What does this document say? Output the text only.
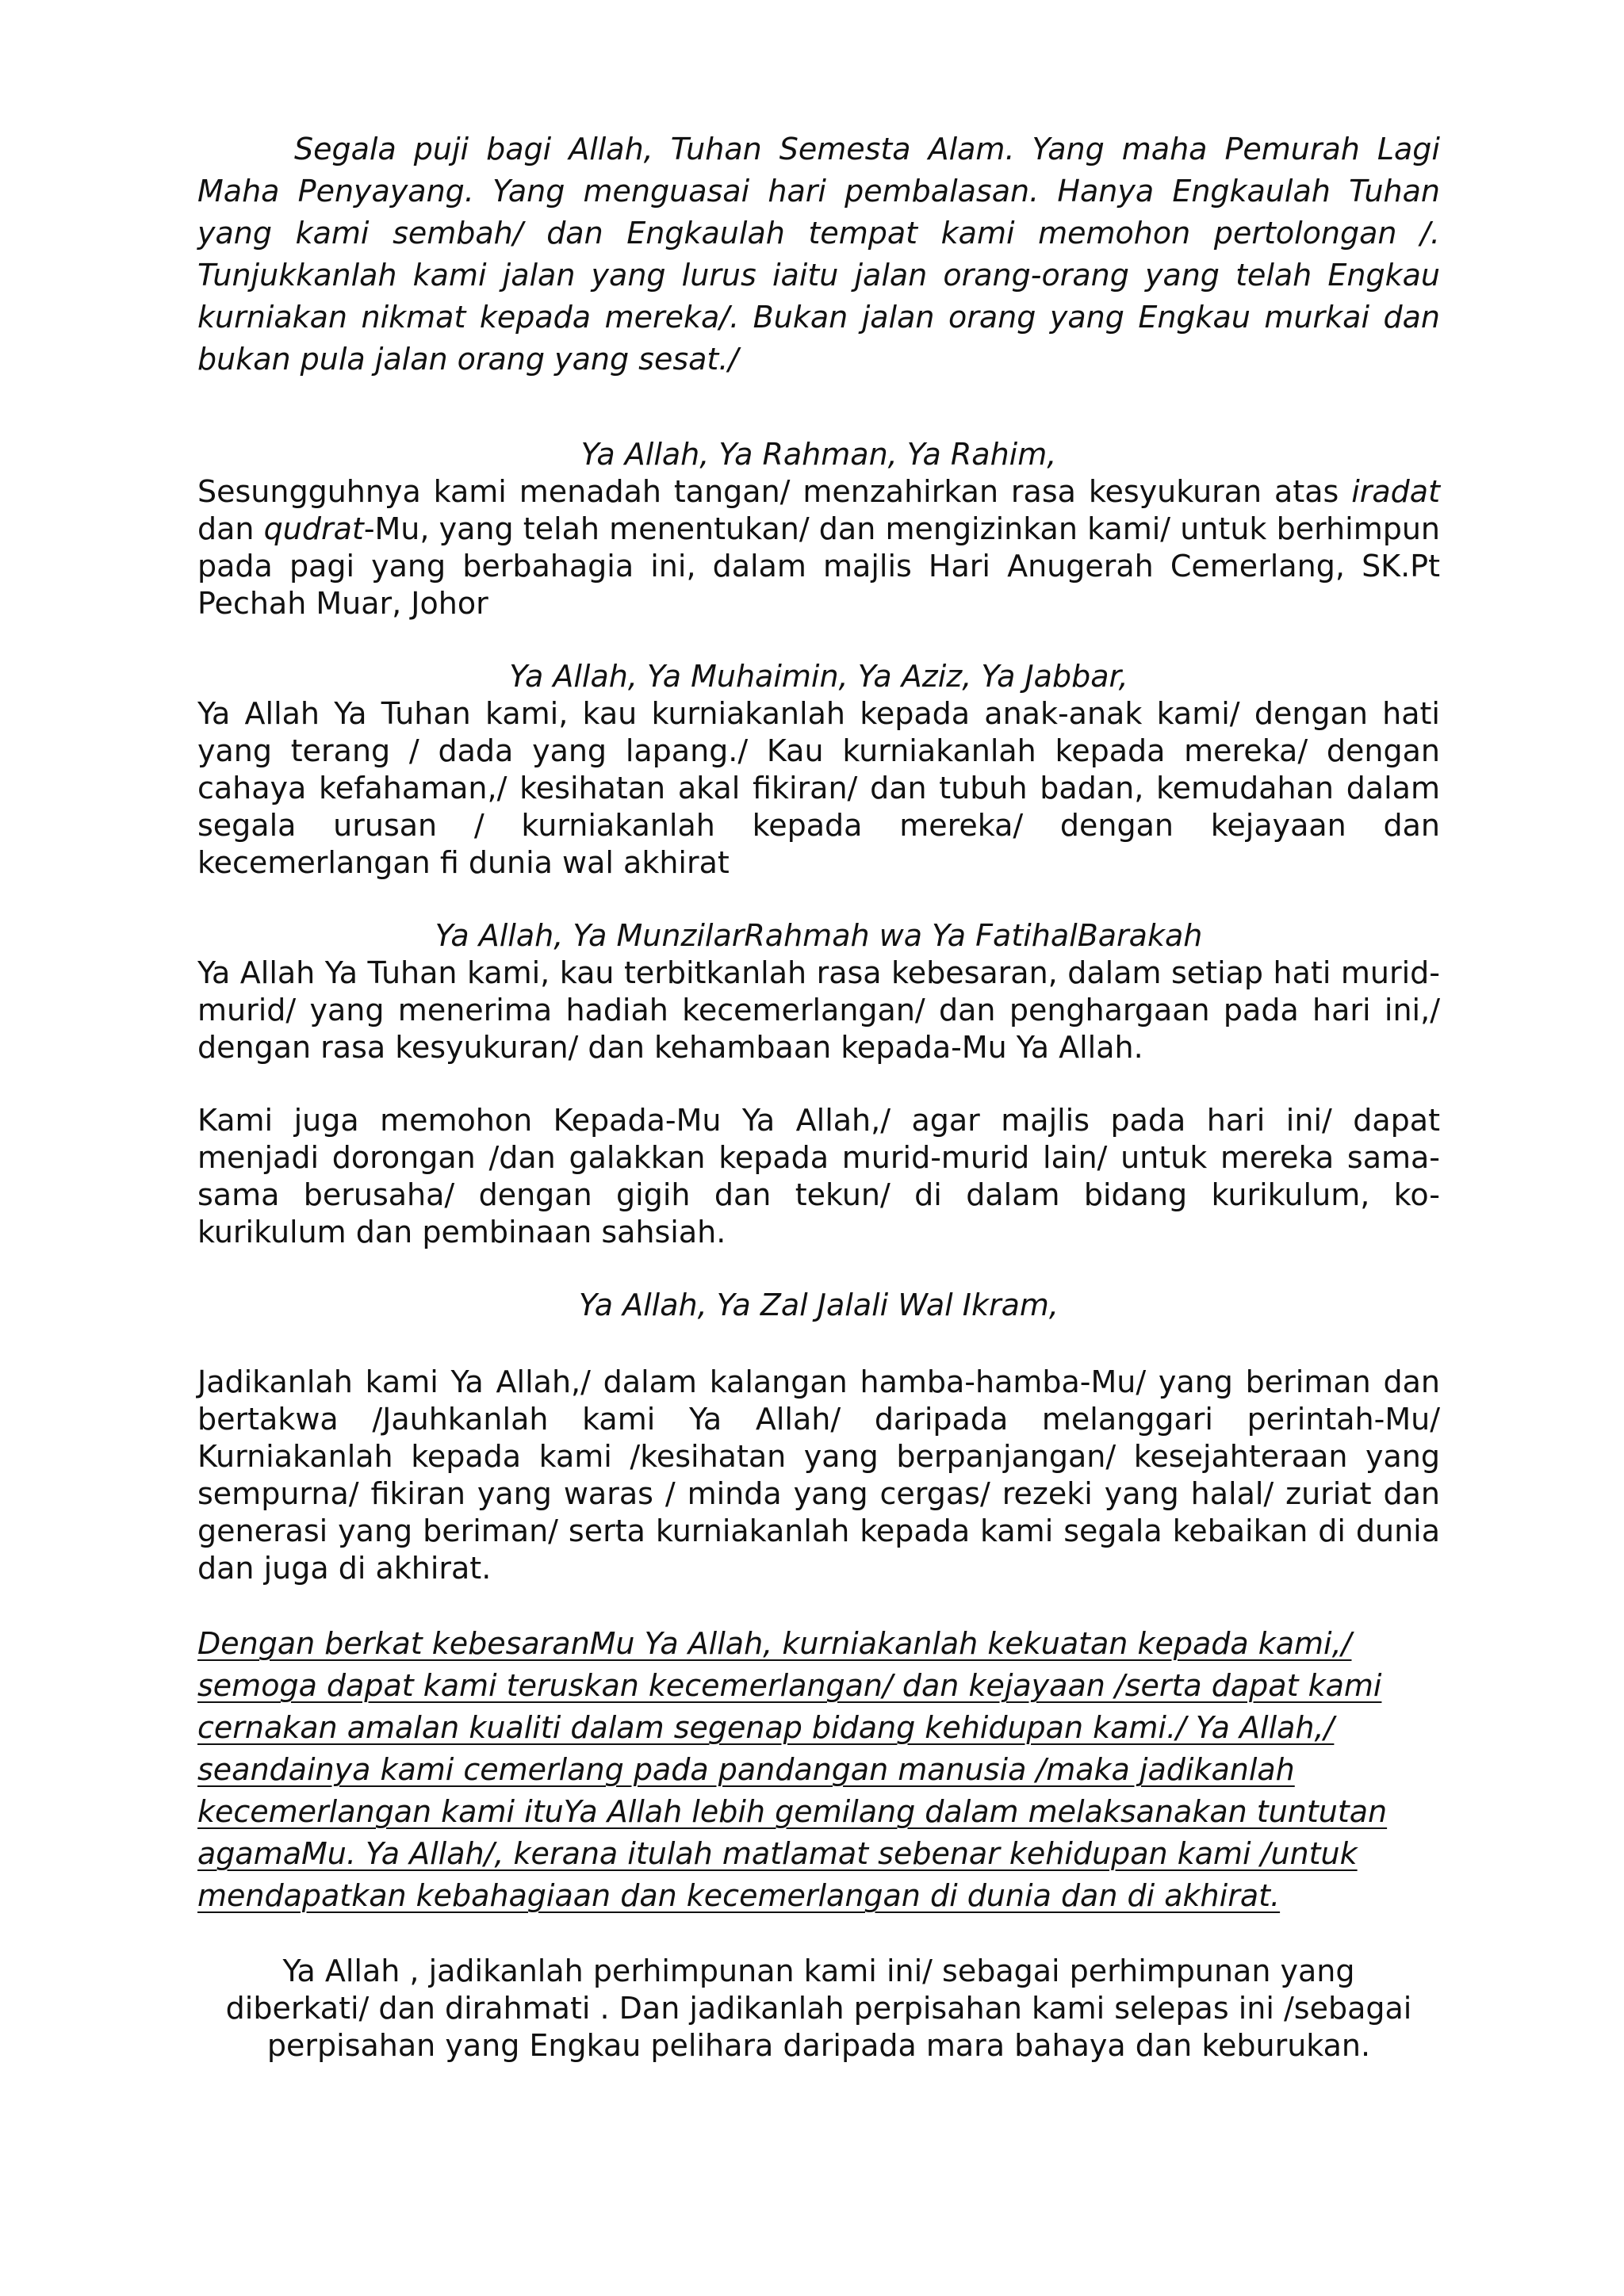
Segala puji bagi Allah, Tuhan Semesta Alam. Yang maha Pemurah Lagi Maha Penyayang. Yang menguasai hari pembalasan. Hanya Engkaulah Tuhan yang kami sembah/ dan Engkaulah tempat kami memohon pertolongan /. Tunjukkanlah kami jalan yang lurus iaitu jalan orang-orang yang telah Engkau kurniakan nikmat kepada mereka/. Bukan jalan orang yang Engkau murkai dan bukan pula jalan orang yang sesat./

Ya Allah, Ya Rahman, Ya Rahim,

Sesungguhnya kami menadah tangan/ menzahirkan rasa kesyukuran atas iradat dan qudrat-Mu, yang telah menentukan/ dan mengizinkan kami/ untuk berhimpun pada pagi yang berbahagia ini, dalam majlis Hari Anugerah Cemerlang, SK.Pt Pechah Muar, Johor

Ya Allah, Ya Muhaimin, Ya Aziz, Ya Jabbar,

Ya Allah Ya Tuhan kami, kau kurniakanlah kepada anak-anak kami/ dengan hati yang terang / dada yang lapang./ Kau kurniakanlah kepada mereka/ dengan cahaya kefahaman,/ kesihatan akal fikiran/ dan tubuh badan, kemudahan dalam segala urusan / kurniakanlah kepada mereka/ dengan kejayaan dan kecemerlangan fi dunia wal akhirat

Ya Allah, Ya MunzilarRahmah wa Ya FatihalBarakah

Ya Allah Ya Tuhan kami, kau terbitkanlah rasa kebesaran, dalam setiap hati murid-murid/ yang menerima hadiah kecemerlangan/ dan penghargaan pada hari ini,/ dengan rasa kesyukuran/ dan kehambaan kepada-Mu Ya Allah.

Kami juga memohon Kepada-Mu Ya Allah,/ agar majlis pada hari ini/ dapat menjadi dorongan /dan galakkan kepada murid-murid lain/ untuk mereka sama-sama berusaha/ dengan gigih dan tekun/ di dalam bidang kurikulum, ko-kurikulum dan pembinaan sahsiah.

Ya Allah, Ya Zal Jalali Wal Ikram,

Jadikanlah kami Ya Allah,/ dalam kalangan hamba-hamba-Mu/ yang beriman dan bertakwa /Jauhkanlah kami Ya Allah/ daripada melanggari perintah-Mu/ Kurniakanlah kepada kami /kesihatan yang berpanjangan/ kesejahteraan yang sempurna/ fikiran yang waras / minda yang cergas/ rezeki yang halal/ zuriat dan generasi yang beriman/ serta kurniakanlah kepada kami segala kebaikan di dunia dan juga di akhirat.

Dengan berkat kebesaranMu Ya Allah, kurniakanlah kekuatan kepada kami,/ semoga dapat kami teruskan kecemerlangan/ dan kejayaan /serta dapat kami cernakan amalan kualiti dalam segenap bidang kehidupan kami./ Ya Allah,/ seandainya kami cemerlang pada pandangan manusia /maka jadikanlah kecemerlangan kami ituYa Allah lebih gemilang dalam melaksanakan tuntutan agamaMu. Ya Allah/, kerana itulah matlamat sebenar kehidupan kami /untuk mendapatkan kebahagiaan dan kecemerlangan di dunia dan di akhirat.

Ya Allah , jadikanlah perhimpunan kami ini/ sebagai perhimpunan yang
diberkati/ dan dirahmati . Dan jadikanlah perpisahan kami selepas ini /sebagai
perpisahan yang Engkau pelihara daripada mara bahaya dan keburukan.
